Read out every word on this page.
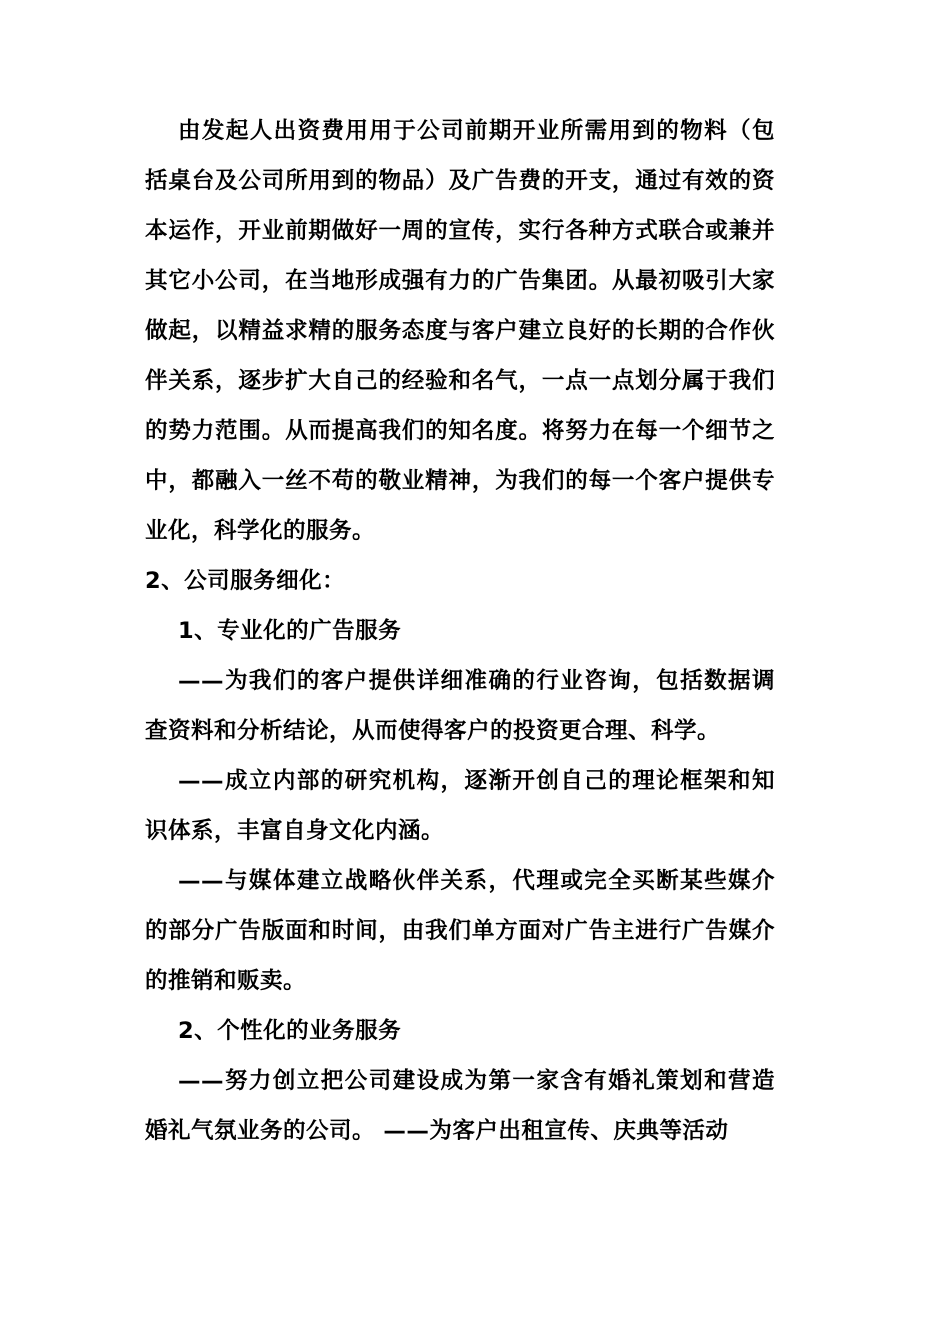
由发起人出资费用用于公司前期开业所需用到的物料（包括桌台及公司所用到的物品）及广告费的开支，通过有效的资本运作，开业前期做好一周的宣传，实行各种方式联合或兼并其它小公司，在当地形成强有力的广告集团。从最初吸引大家做起，以精益求精的服务态度与客户建立良好的长期的合作伙伴关系，逐步扩大自己的经验和名气，一点一点划分属于我们的势力范围。从而提高我们的知名度。将努力在每一个细节之中，都融入一丝不苟的敬业精神，为我们的每一个客户提供专业化，科学化的服务。

2、公司服务细化：

1、专业化的广告服务

——为我们的客户提供详细准确的行业咨询，包括数据调查资料和分析结论，从而使得客户的投资更合理、科学。

——成立内部的研究机构，逐渐开创自己的理论框架和知识体系，丰富自身文化内涵。

——与媒体建立战略伙伴关系，代理或完全买断某些媒介的部分广告版面和时间，由我们单方面对广告主进行广告媒介的推销和贩卖。

2、个性化的业务服务

——努力创立把公司建设成为第一家含有婚礼策划和营造婚礼气氛业务的公司。 ——为客户出租宣传、庆典等活动
